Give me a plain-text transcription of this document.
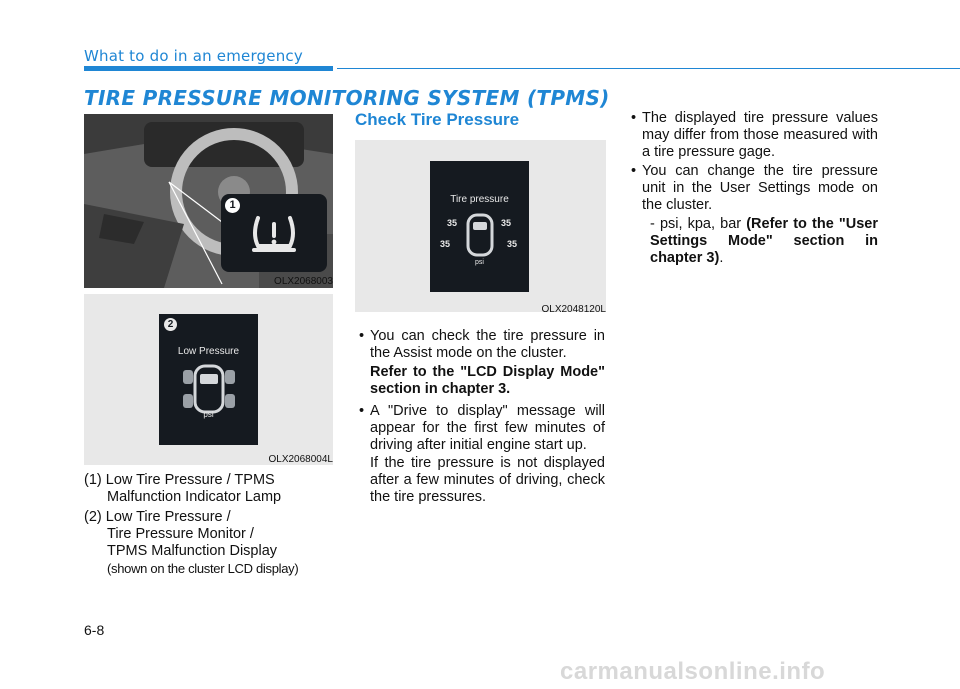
What to do in an emergency
TIRE PRESSURE MONITORING SYSTEM (TPMS)
1
OLX2068003
2
Low Pressure
psi
OLX2068004L
(1) Low Tire Pressure / TPMS
Malfunction Indicator Lamp
(2) Low Tire Pressure /
Tire Pressure Monitor /
TPMS Malfunction Display
(shown on the cluster LCD display)
Check Tire Pressure
Tire pressure
35	35
35	35
psi
OLX2048120L
• You can check the tire pressure in the Assist mode on the cluster.
Refer to the "LCD Display Mode" section in chapter 3.
• A "Drive to display" message will appear for the first few minutes of driving after initial engine start up.
If the tire pressure is not displayed after a few minutes of driving, check the tire pressures.
• The displayed tire pressure values may differ from those measured with a tire pressure gage.
• You can change the tire pressure unit in the User Settings mode on the cluster.
- psi, kpa, bar (Refer to the "User Settings Mode" section in chapter 3).
6-8
carmanualsonline.info
